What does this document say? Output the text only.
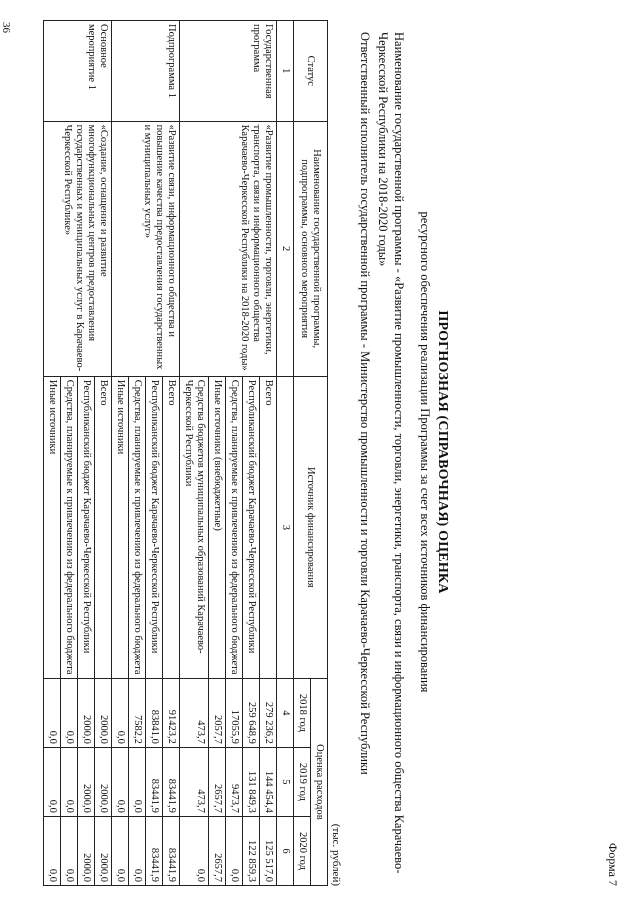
36
Форма 7
ПРОГНОЗНАЯ (СПРАВОЧНАЯ) ОЦЕНКА
ресурсного обеспечения реализации Программы за счет всех источников финансирования
Наименование государственной программы - «Развитие промышленности, торговли, энергетики, транспорта, связи и информационного общества Карачаево-Черкесской Республики на 2018-2020 годы»
Ответственный исполнитель государственной программы - Министерство промышленности и торговли Карачаево-Черкесской Республики
(тыс. рублей)
Статус	Наименование государственной программы, подпрограммы, основного мероприятия	Источник финансирования	Оценка расходов		
			2018 год	2019 год	2020 год
1	2	3	4	5	6
Государственная программа	«Развитие промышленности, торговли, энергетики, транспорта, связи и информационного общества Карачаево-Черкесской Республики на 2018-2020 годы»	Всего	279 236,2	144 454,4	125 517,0
		Республиканский бюджет Карачаево-Черкесской Республики	259 648,9	131 849,3	122 859,3
		Средства, планируемые к привлечению из федерального бюджета	17055,9	9473,7	0,0
		Иные источники (внебюджетные)	2057,7	2657,7	2657,7
		Средства бюджетов муниципальных образований Карачаево-Черкесской Республики	473,7	473,7	0,0
Подпрограмма 1	«Развитие связи, информационного общества и повышение качества предоставления государственных и муниципальных услуг»	Всего	91423,2	83441,9	83441,9
		Республиканский бюджет Карачаево-Черкесской Республики	83841,0	83441,9	83441,9
		Средства, планируемые к привлечению из федерального бюджета	7582,2	0,0	0,0
		Иные источники	0,0	0,0	0,0
Основное мероприятие 1	«Создание, оснащение и развитие многофункциональных центров предоставления государственных и муниципальных услуг в Карачаево-Черкесской Республике»	Всего	2000,0	2000,0	2000,0
		Республиканский бюджет Карачаево-Черкесской Республики	2000,0	2000,0	2000,0
		Средства, планируемые к привлечению из федерального бюджета	0,0	0,0	0,0
		Иные источники	0,0	0,0	0,0
